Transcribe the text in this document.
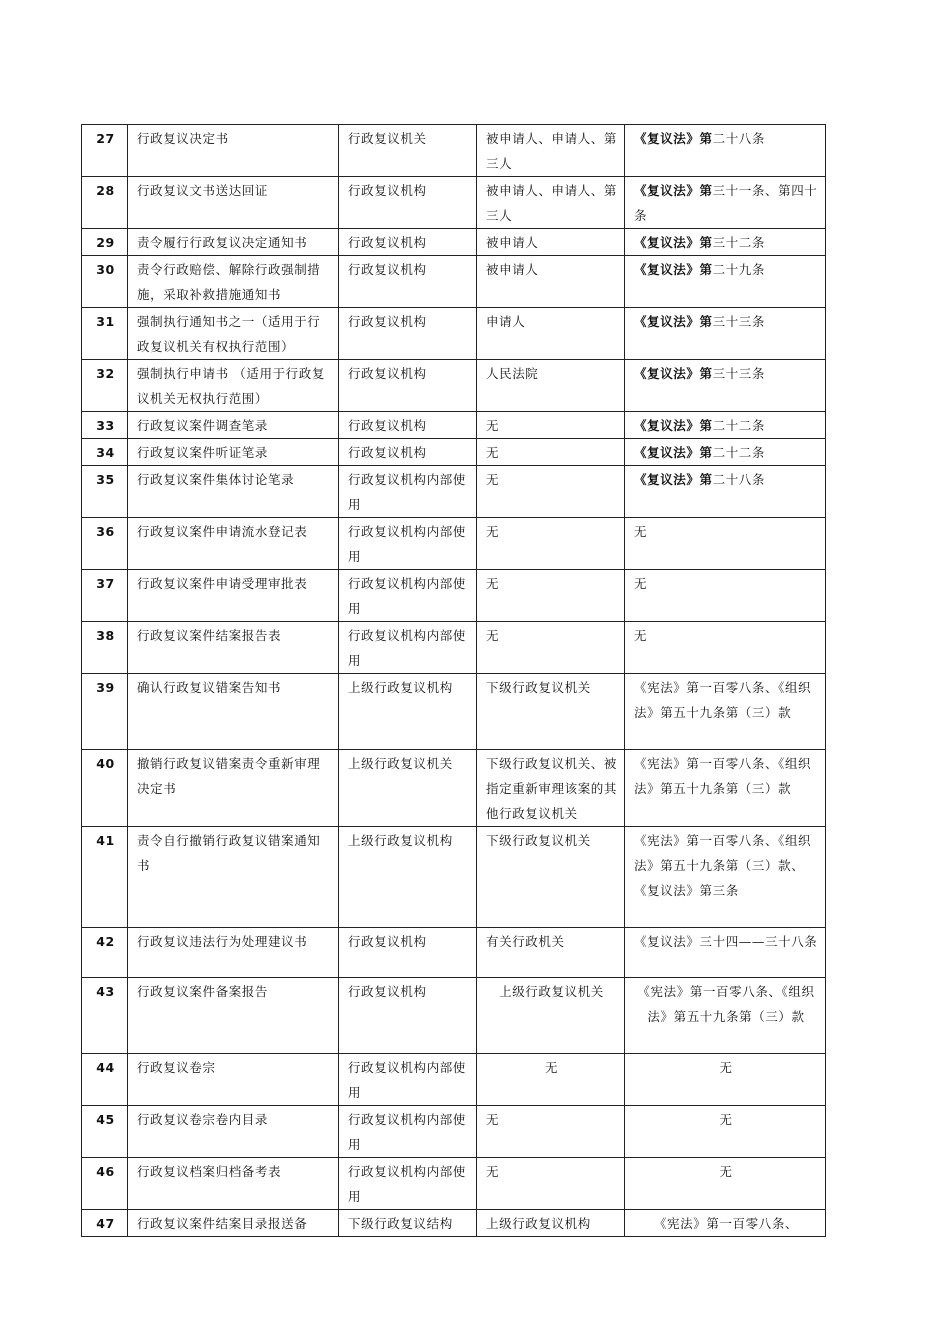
27	行政复议决定书	行政复议机关	被申请人、申请人、第三人	《复议法》第二十八条
28	行政复议文书送达回证	行政复议机构	被申请人、申请人、第三人	《复议法》第三十一条、第四十条
29	责令履行行政复议决定通知书	行政复议机构	被申请人	《复议法》第三十二条
30	责令行政赔偿、解除行政强制措施，采取补救措施通知书	行政复议机构	被申请人	《复议法》第二十九条
31	强制执行通知书之一（适用于行政复议机关有权执行范围）	行政复议机构	申请人	《复议法》第三十三条
32	强制执行申请书 （适用于行政复议机关无权执行范围）	行政复议机构	人民法院	《复议法》第三十三条
33	行政复议案件调查笔录	行政复议机构	无	《复议法》第二十二条
34	行政复议案件听证笔录	行政复议机构	无	《复议法》第二十二条
35	行政复议案件集体讨论笔录	行政复议机构内部使用	无	《复议法》第二十八条
36	行政复议案件申请流水登记表	行政复议机构内部使用	无	无
37	行政复议案件申请受理审批表	行政复议机构内部使用	无	无
38	行政复议案件结案报告表	行政复议机构内部使用	无	无
39	确认行政复议错案告知书	上级行政复议机构	下级行政复议机关	《宪法》第一百零八条、《组织法》第五十九条第（三）款
40	撤销行政复议错案责令重新审理决定书	上级行政复议机关	下级行政复议机关、被指定重新审理该案的其他行政复议机关	《宪法》第一百零八条、《组织法》第五十九条第（三）款
41	责令自行撤销行政复议错案通知书	上级行政复议机构	下级行政复议机关	《宪法》第一百零八条、《组织法》第五十九条第（三）款、《复议法》第三条
42	行政复议违法行为处理建议书	行政复议机构	有关行政机关	《复议法》三十四——三十八条
43	行政复议案件备案报告	行政复议机构	上级行政复议机关	《宪法》第一百零八条、《组织法》第五十九条第（三）款
44	行政复议卷宗	行政复议机构内部使用	无	无
45	行政复议卷宗卷内目录	行政复议机构内部使用	无	无
46	行政复议档案归档备考表	行政复议机构内部使用	无	无
47	行政复议案件结案目录报送备	下级行政复议结构	上级行政复议机构	《宪法》第一百零八条、
